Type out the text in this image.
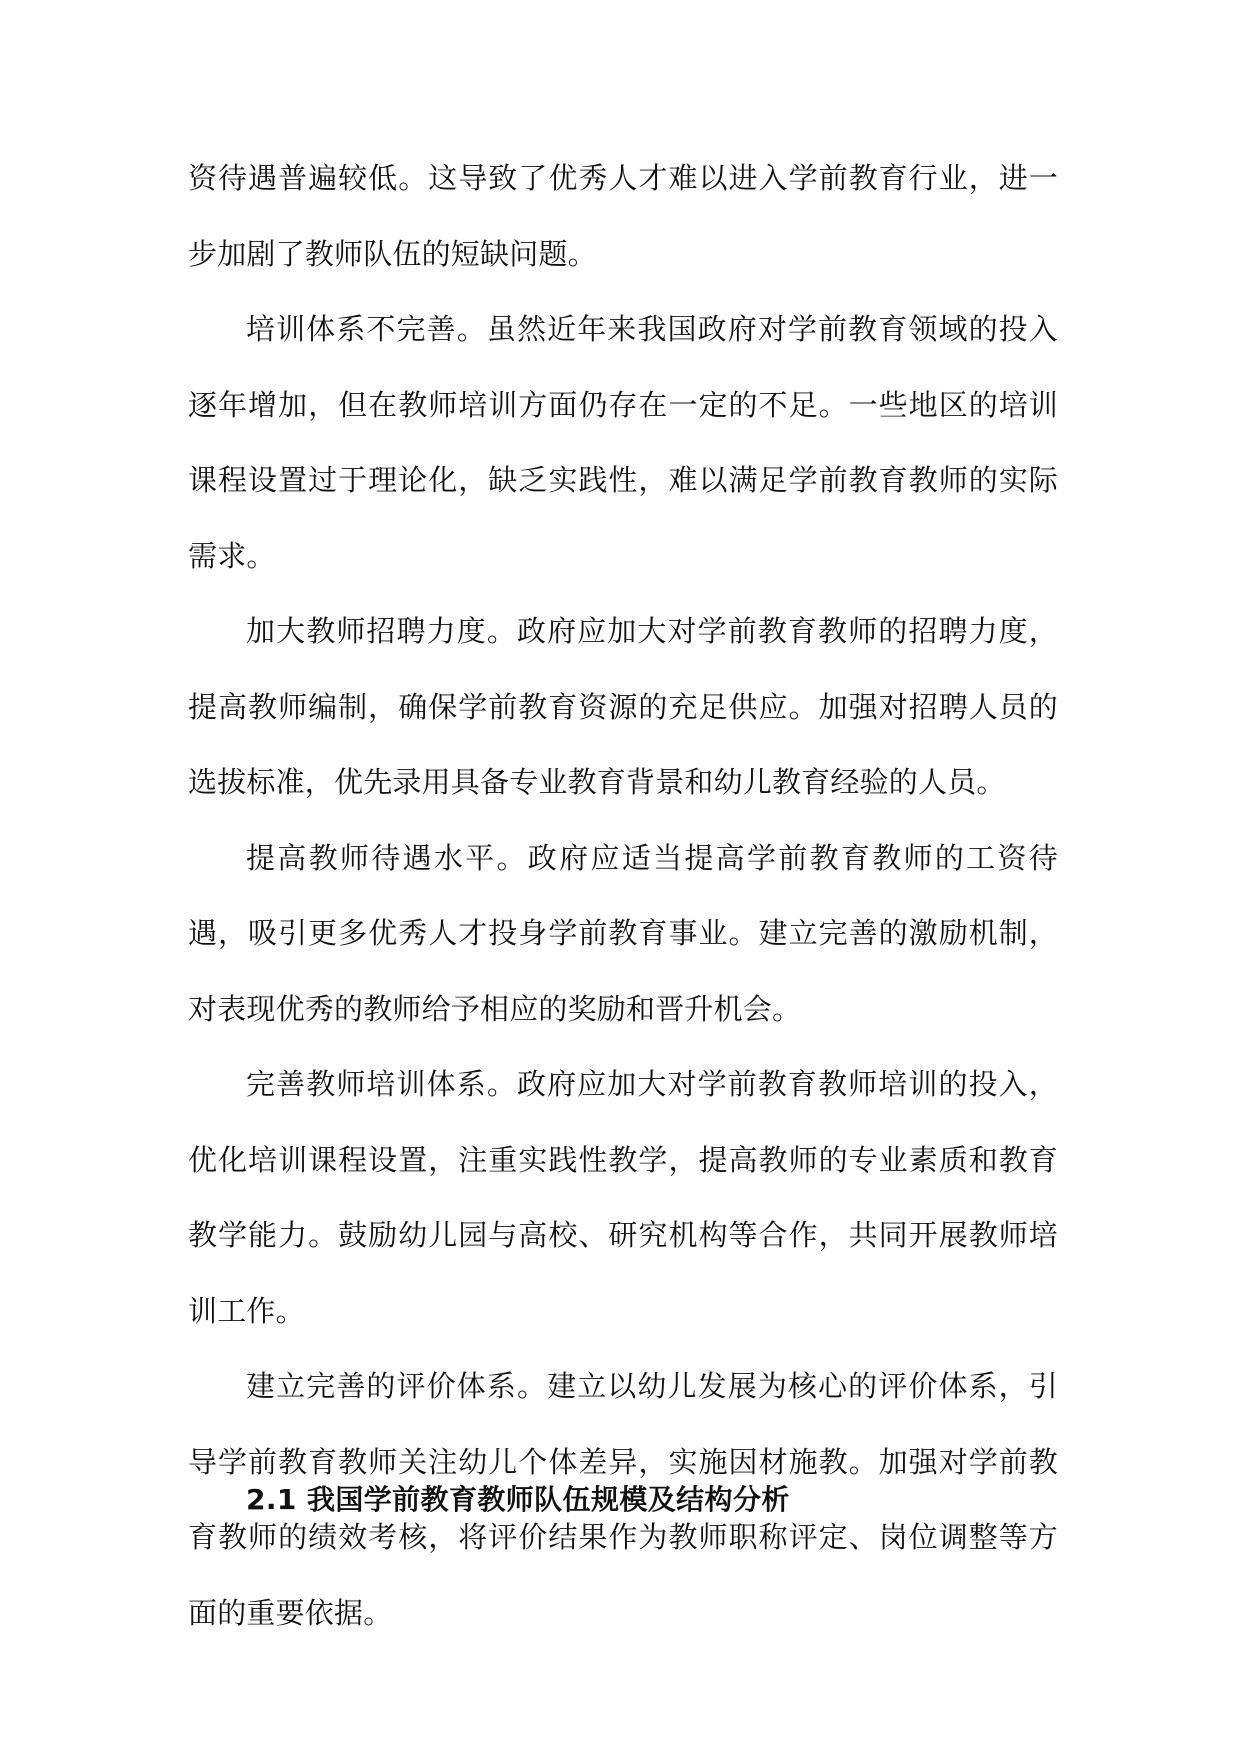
资待遇普遍较低。这导致了优秀人才难以进入学前教育行业，进一步加剧了教师队伍的短缺问题。

培训体系不完善。虽然近年来我国政府对学前教育领域的投入逐年增加，但在教师培训方面仍存在一定的不足。一些地区的培训课程设置过于理论化，缺乏实践性，难以满足学前教育教师的实际需求。

加大教师招聘力度。政府应加大对学前教育教师的招聘力度，提高教师编制，确保学前教育资源的充足供应。加强对招聘人员的选拔标准，优先录用具备专业教育背景和幼儿教育经验的人员。

提高教师待遇水平。政府应适当提高学前教育教师的工资待遇，吸引更多优秀人才投身学前教育事业。建立完善的激励机制，对表现优秀的教师给予相应的奖励和晋升机会。

完善教师培训体系。政府应加大对学前教育教师培训的投入，优化培训课程设置，注重实践性教学，提高教师的专业素质和教育教学能力。鼓励幼儿园与高校、研究机构等合作，共同开展教师培训工作。

建立完善的评价体系。建立以幼儿发展为核心的评价体系，引导学前教育教师关注幼儿个体差异，实施因材施教。加强对学前教育教师的绩效考核，将评价结果作为教师职称评定、岗位调整等方面的重要依据。

2.1 我国学前教育教师队伍规模及结构分析
